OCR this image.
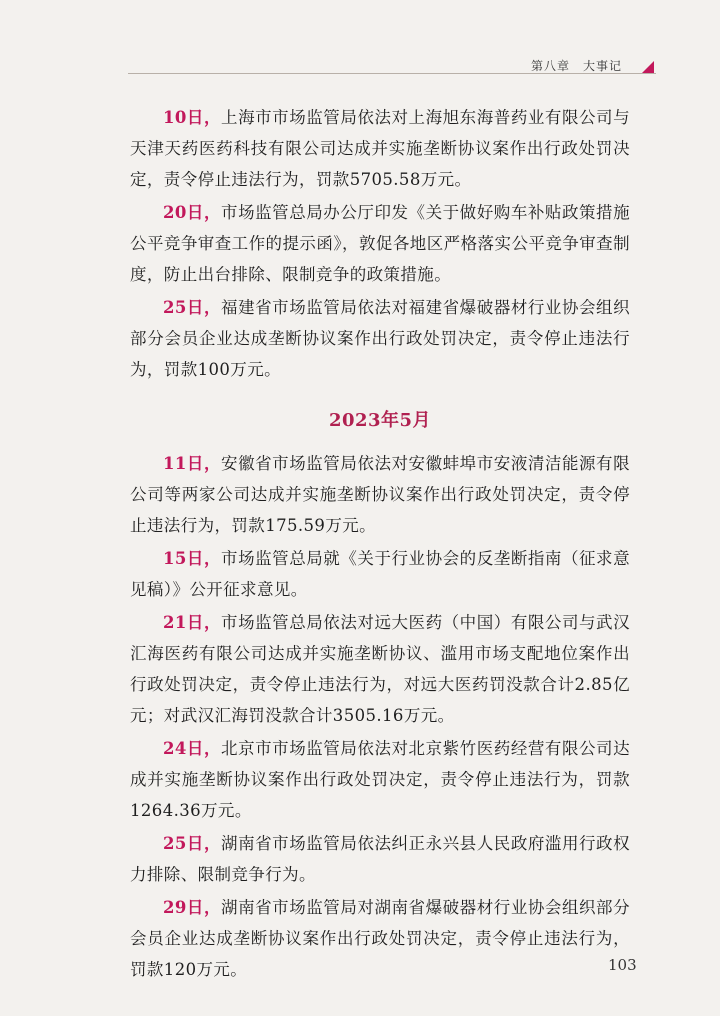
第八章　大事记

10日，上海市市场监管局依法对上海旭东海普药业有限公司与天津天药医药科技有限公司达成并实施垄断协议案作出行政处罚决定，责令停止违法行为，罚款5705.58万元。

20日，市场监管总局办公厅印发《关于做好购车补贴政策措施公平竞争审查工作的提示函》，敦促各地区严格落实公平竞争审查制度，防止出台排除、限制竞争的政策措施。

25日，福建省市场监管局依法对福建省爆破器材行业协会组织部分会员企业达成垄断协议案作出行政处罚决定，责令停止违法行为，罚款100万元。

2023年5月

11日，安徽省市场监管局依法对安徽蚌埠市安液清洁能源有限公司等两家公司达成并实施垄断协议案作出行政处罚决定，责令停止违法行为，罚款175.59万元。

15日，市场监管总局就《关于行业协会的反垄断指南（征求意见稿）》公开征求意见。

21日，市场监管总局依法对远大医药（中国）有限公司与武汉汇海医药有限公司达成并实施垄断协议、滥用市场支配地位案作出行政处罚决定，责令停止违法行为，对远大医药罚没款合计2.85亿元；对武汉汇海罚没款合计3505.16万元。

24日，北京市市场监管局依法对北京紫竹医药经营有限公司达成并实施垄断协议案作出行政处罚决定，责令停止违法行为，罚款1264.36万元。

25日，湖南省市场监管局依法纠正永兴县人民政府滥用行政权力排除、限制竞争行为。

29日，湖南省市场监管局对湖南省爆破器材行业协会组织部分会员企业达成垄断协议案作出行政处罚决定，责令停止违法行为，罚款120万元。	103
